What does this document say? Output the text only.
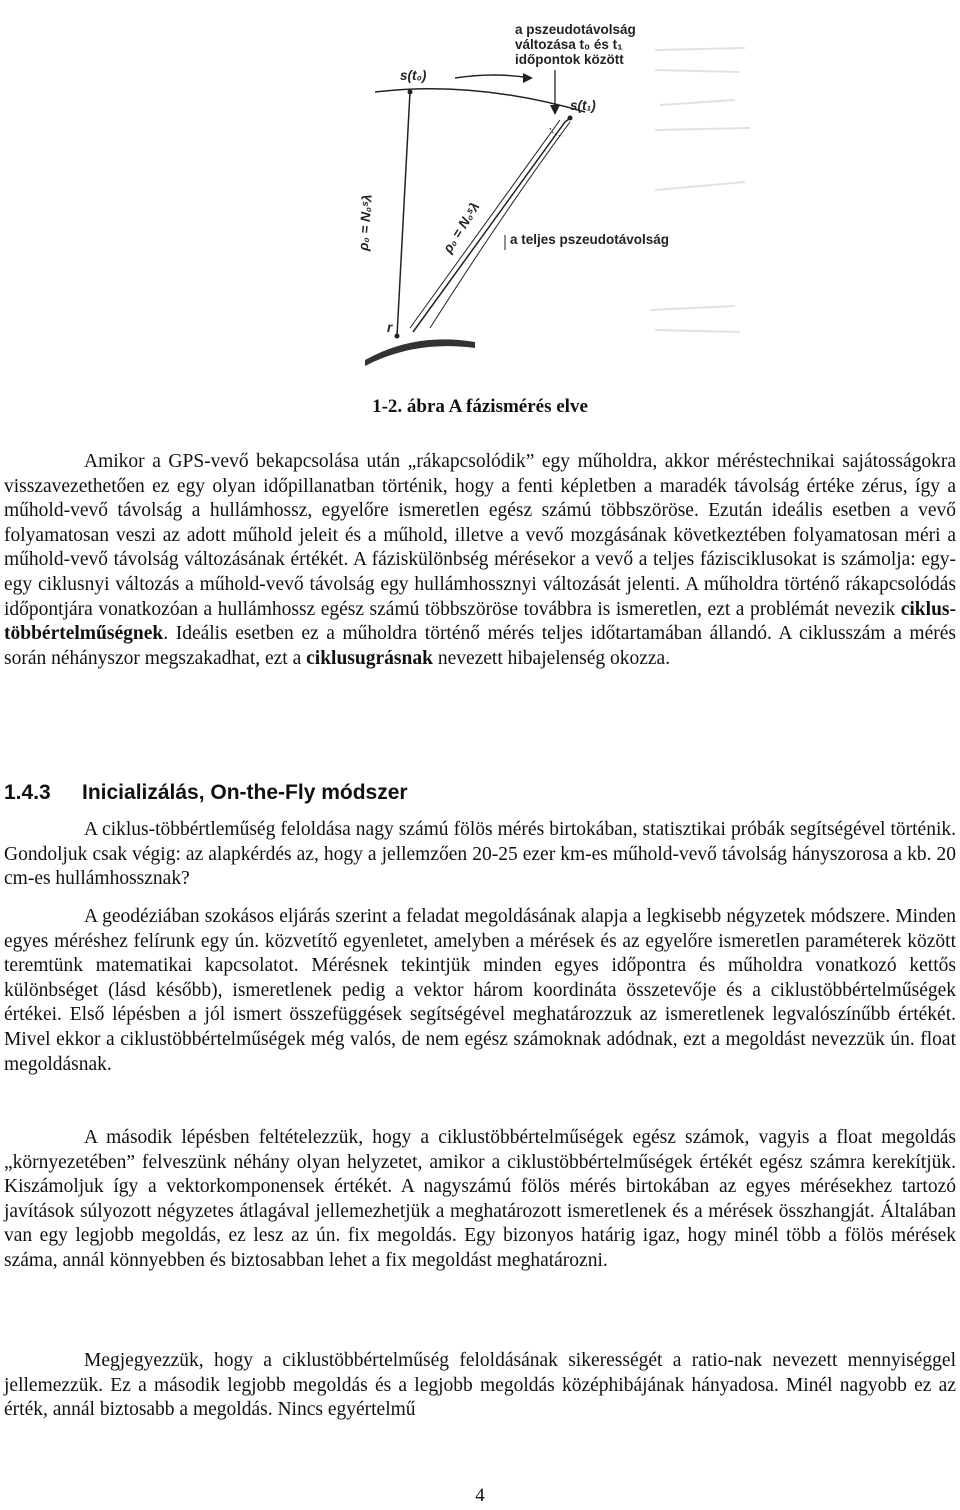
a pszeudotávolság
változása t₀ és t₁
időpontok között
s(t₀)
s(t₁)
a teljes pszeudotávolság
ρ₀ = N₀ˢλ	ρ₀ = N₀ˢλ
r
1-2. ábra A fázismérés elve

Amikor a GPS-vevő bekapcsolása után „rákapcsolódik” egy műholdra, akkor méréstechnikai sajátosságokra visszavezethetően ez egy olyan időpillanatban történik, hogy a fenti képletben a maradék távolság értéke zérus, így a műhold-vevő távolság a hullámhossz, egyelőre ismeretlen egész számú többszöröse. Ezután ideális esetben a vevő folyamatosan veszi az adott műhold jeleit és a műhold, illetve a vevő mozgásának következtében folyamatosan méri a műhold-vevő távolság változásának értékét. A fáziskülönbség mérésekor a vevő a teljes fázisciklusokat is számolja: egy-egy ciklusnyi változás a műhold-vevő távolság egy hullámhossznyi változását jelenti. A műholdra történő rákapcsolódás időpontjára vonatkozóan a hullámhossz egész számú többszöröse továbbra is ismeretlen, ezt a problémát nevezik ciklus-többértelműségnek. Ideális esetben ez a műholdra történő mérés teljes időtartamában állandó. A ciklusszám a mérés során néhányszor megszakadhat, ezt a ciklusugrásnak nevezett hibajelenség okozza.

1.4.3 Inicializálás, On-the-Fly módszer

A ciklus-többértleműség feloldása nagy számú fölös mérés birtokában, statisztikai próbák segítségével történik. Gondoljuk csak végig: az alapkérdés az, hogy a jellemzően 20-25 ezer km-es műhold-vevő távolság hányszorosa a kb. 20 cm-es hullámhossznak?

A geodéziában szokásos eljárás szerint a feladat megoldásának alapja a legkisebb négyzetek módszere. Minden egyes méréshez felírunk egy ún. közvetítő egyenletet, amelyben a mérések és az egyelőre ismeretlen paraméterek között teremtünk matematikai kapcsolatot. Mérésnek tekintjük minden egyes időpontra és műholdra vonatkozó kettős különbséget (lásd később), ismeretlenek pedig a vektor három koordináta összetevője és a ciklustöbbértelműségek értékei. Első lépésben a jól ismert összefüggések segítségével meghatározzuk az ismeretlenek legvalószínűbb értékét. Mivel ekkor a ciklustöbbértelműségek még valós, de nem egész számoknak adódnak, ezt a megoldást nevezzük ún. float megoldásnak.

A második lépésben feltételezzük, hogy a ciklustöbbértelműségek egész számok, vagyis a float megoldás „környezetében” felveszünk néhány olyan helyzetet, amikor a ciklustöbbértelműségek értékét egész számra kerekítjük. Kiszámoljuk így a vektorkomponensek értékét. A nagyszámú fölös mérés birtokában az egyes mérésekhez tartozó javítások súlyozott négyzetes átlagával jellemezhetjük a meghatározott ismeretlenek és a mérések összhangját. Általában van egy legjobb megoldás, ez lesz az ún. fix megoldás. Egy bizonyos határig igaz, hogy minél több a fölös mérések száma, annál könnyebben és biztosabban lehet a fix megoldást meghatározni.

Megjegyezzük, hogy a ciklustöbbértelműség feloldásának sikerességét a ratio-nak nevezett mennyiséggel jellemezzük. Ez a második legjobb megoldás és a legjobb megoldás középhibájának hányadosa. Minél nagyobb ez az érték, annál biztosabb a megoldás. Nincs egyértelmű

4
